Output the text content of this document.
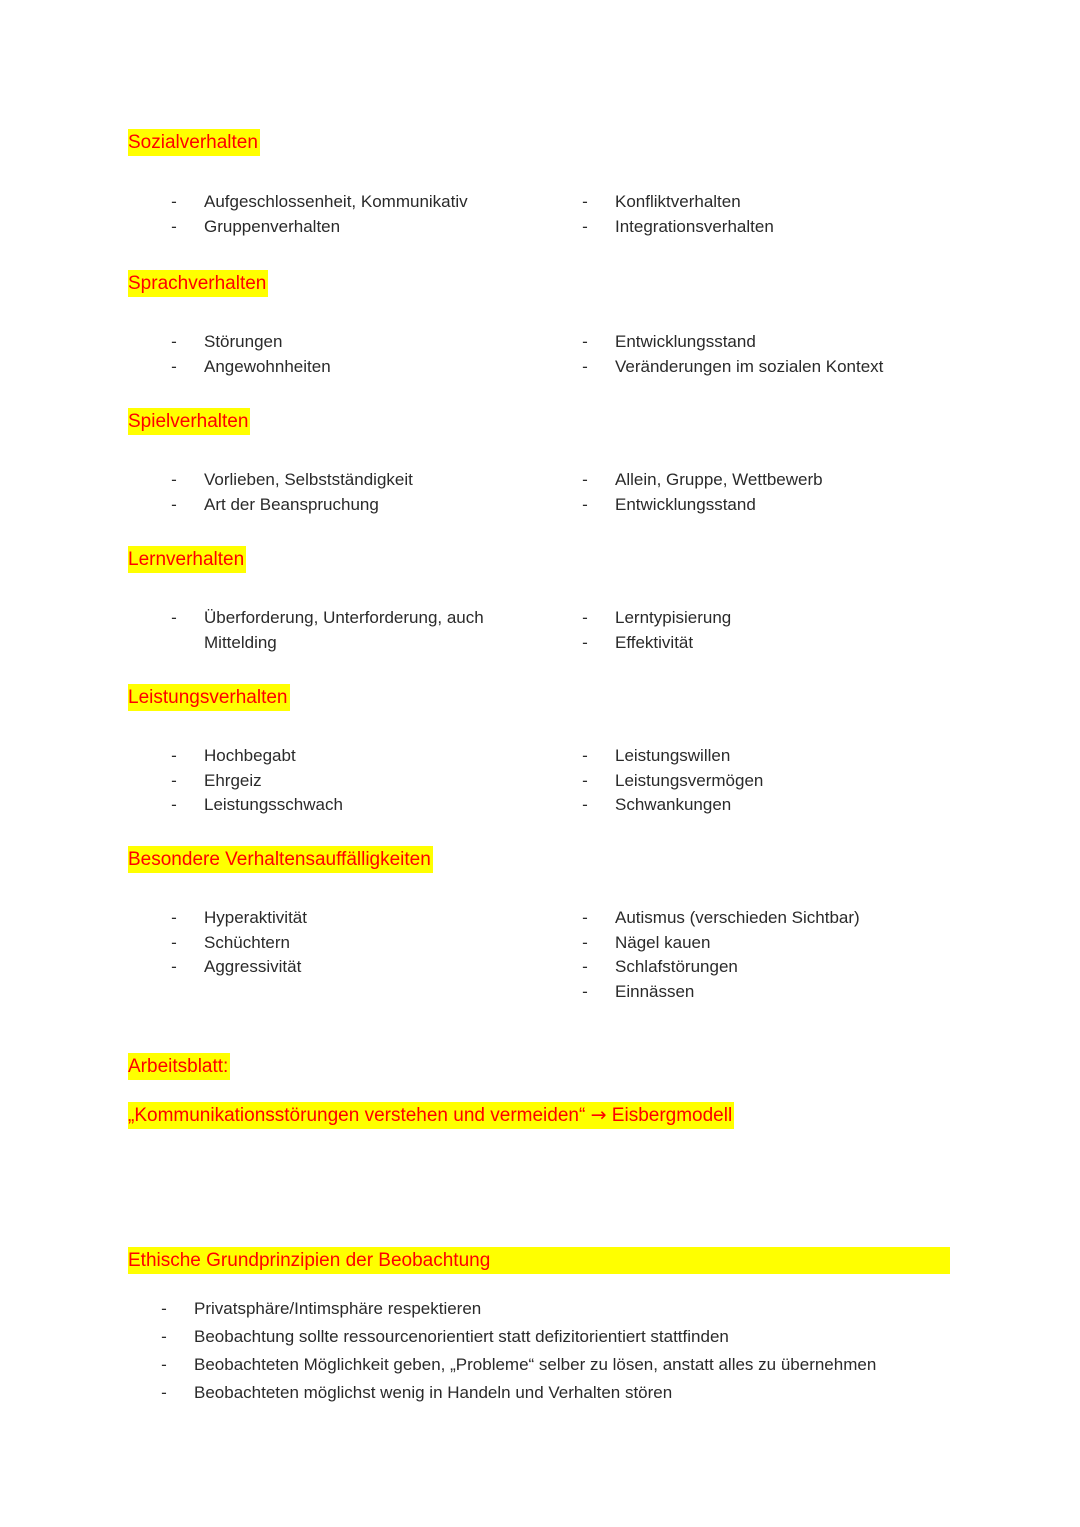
Sozialverhalten
- Aufgeschlossenheit, Kommunikativ
- Gruppenverhalten
- Konfliktverhalten
- Integrationsverhalten
Sprachverhalten
- Störungen
- Angewohnheiten
- Entwicklungsstand
- Veränderungen im sozialen Kontext
Spielverhalten
- Vorlieben, Selbstständigkeit
- Art der Beanspruchung
- Allein, Gruppe, Wettbewerb
- Entwicklungsstand
Lernverhalten
- Überforderung, Unterforderung, auch Mittelding
- Lerntypisierung
- Effektivität
Leistungsverhalten
- Hochbegabt
- Ehrgeiz
- Leistungsschwach
- Leistungswillen
- Leistungsvermögen
- Schwankungen
Besondere Verhaltensauffälligkeiten
- Hyperaktivität
- Schüchtern
- Aggressivität
- Autismus (verschieden Sichtbar)
- Nägel kauen
- Schlafstörungen
- Einnässen
Arbeitsblatt:
„Kommunikationsstörungen verstehen und vermeiden“ → Eisbergmodell
Ethische Grundprinzipien der Beobachtung
- Privatsphäre/Intimsphäre respektieren
- Beobachtung sollte ressourcenorientiert statt defizitorientiert stattfinden
- Beobachteten Möglichkeit geben, „Probleme“ selber zu lösen, anstatt alles zu übernehmen
- Beobachteten möglichst wenig in Handeln und Verhalten stören
